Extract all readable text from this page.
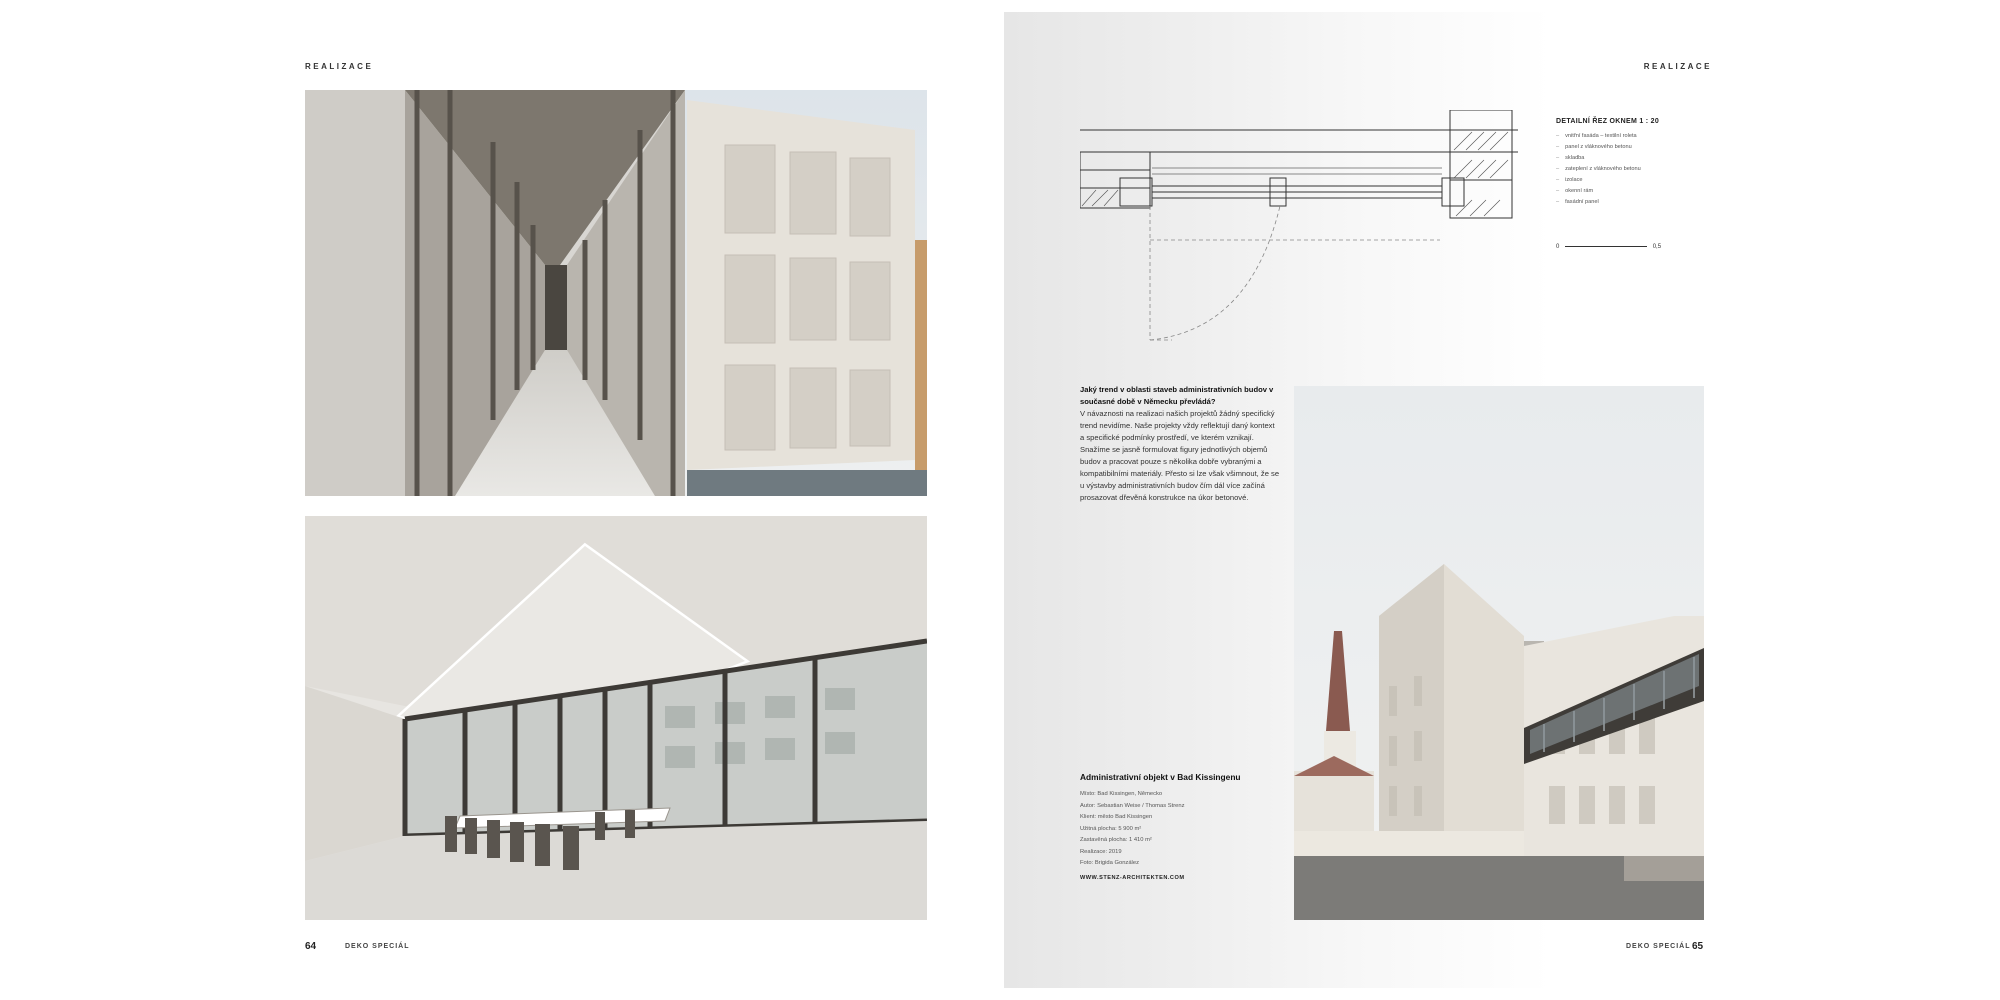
REALIZACE
64	DEKO SPECIÁL
REALIZACE
DETAILNÍ ŘEZ OKNEM 1 : 20
– vnitřní fasáda – textilní roleta
– panel z vláknového betonu
– skladba
– zateplení z vláknového betonu
– izolace
– okenní rám
– fasádní panel
0	0,5
Jaký trend v oblasti staveb administrativních budov v současné době v Německu převládá?
V návaznosti na realizaci našich projektů žádný specifický trend nevidíme. Naše projekty vždy reflektují daný kontext a specifické podmínky prostředí, ve kterém vznikají. Snažíme se jasně formulovat figury jednotlivých objemů budov a pracovat pouze s několika dobře vybranými a kompatibilními materiály. Přesto si lze však všimnout, že se u výstavby administrativních budov čím dál více začíná prosazovat dřevěná konstrukce na úkor betonové.
Administrativní objekt v Bad Kissingenu
Místo: Bad Kissingen, Německo
Autor: Sebastian Weise / Thomas Strenz
Klient: město Bad Kissingen
Užitná plocha: 5 900 m²
Zastavěná plocha: 1 410 m²
Realizace: 2019
Foto: Brigida González
WWW.STENZ-ARCHITEKTEN.COM
DEKO SPECIÁL 65
